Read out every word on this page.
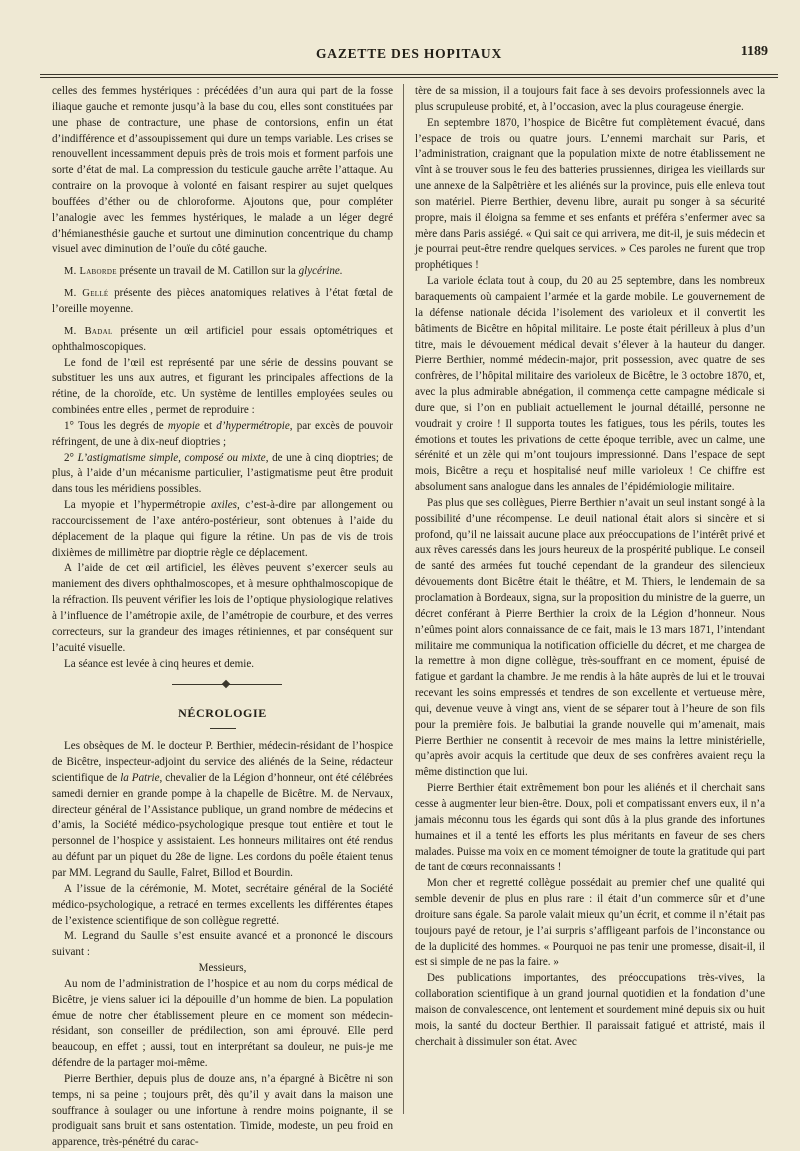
GAZETTE DES HOPITAUX	1189

celles des femmes hystériques : précédées d’un aura qui part de la fosse iliaque gauche et remonte jusqu’à la base du cou, elles sont constituées par une phase de contracture, une phase de contorsions, enfin un état d’indifférence et d’assoupissement qui dure un temps variable. Les crises se renouvellent incessamment depuis près de trois mois et forment parfois une sorte d’état de mal. La compression du testicule gauche arrête l’attaque. Au contraire on la provoque à volonté en faisant respirer au sujet quelques bouffées d’éther ou de chloroforme. Ajoutons que, pour compléter l’analogie avec les femmes hystériques, le malade a un léger degré d’hémianesthésie gauche et surtout une diminution concentrique du champ visuel avec diminution de l’ouïe du côté gauche.

M. Laborde présente un travail de M. Catillon sur la glycérine.

M. Gellé présente des pièces anatomiques relatives à l’état fœtal de l’oreille moyenne.

M. Badal présente un œil artificiel pour essais optométriques et ophthalmoscopiques.

Le fond de l’œil est représenté par une série de dessins pouvant se substituer les uns aux autres, et figurant les principales affections de la rétine, de la choroïde, etc. Un système de lentilles employées seules ou combinées entre elles , permet de reproduire :

1° Tous les degrés de myopie et d’hypermétropie, par excès de pouvoir réfringent, de une à dix-neuf dioptries ;

2° L’astigmatisme simple, composé ou mixte, de une à cinq dioptries; de plus, à l’aide d’un mécanisme particulier, l’astigmatisme peut être produit dans tous les méridiens possibles.

La myopie et l’hypermétropie axiles, c’est-à-dire par allongement ou raccourcissement de l’axe antéro-postérieur, sont obtenues à l’aide du déplacement de la plaque qui figure la rétine. Un pas de vis de trois dixièmes de millimètre par dioptrie règle ce déplacement.

A l’aide de cet œil artificiel, les élèves peuvent s’exercer seuls au maniement des divers ophthalmoscopes, et à mesure ophthalmoscopique de la réfraction. Ils peuvent vérifier les lois de l’optique physiologique relatives à l’influence de l’amétropie axile, de l’amétropie de courbure, et des verres correcteurs, sur la grandeur des images rétiniennes, et par conséquent sur l’acuité visuelle.

La séance est levée à cinq heures et demie.

NÉCROLOGIE

Les obsèques de M. le docteur P. Berthier, médecin-résidant de l’hospice de Bicêtre, inspecteur-adjoint du service des aliénés de la Seine, rédacteur scientifique de la Patrie, chevalier de la Légion d’honneur, ont été célébrées samedi dernier en grande pompe à la chapelle de Bicêtre. M. de Nervaux, directeur général de l’Assistance publique, un grand nombre de médecins et d’amis, la Société médico-psychologique presque tout entière et tout le personnel de l’hospice y assistaient. Les honneurs militaires ont été rendus au défunt par un piquet du 28e de ligne. Les cordons du poêle étaient tenus par MM. Legrand du Saulle, Falret, Billod et Bourdin.

A l’issue de la cérémonie, M. Motet, secrétaire général de la Société médico-psychologique, a retracé en termes excellents les différentes étapes de l’existence scientifique de son collègue regretté.

M. Legrand du Saulle s’est ensuite avancé et a prononcé le discours suivant :

Messieurs,

Au nom de l’administration de l’hospice et au nom du corps médical de Bicêtre, je viens saluer ici la dépouille d’un homme de bien. La population émue de notre cher établissement pleure en ce moment son médecin-résidant, son conseiller de prédilection, son ami éprouvé. Elle perd beaucoup, en effet ; aussi, tout en interprétant sa douleur, ne puis-je me défendre de la partager moi-même.

Pierre Berthier, depuis plus de douze ans, n’a épargné à Bicêtre ni son temps, ni sa peine ; toujours prêt, dès qu’il y avait dans la maison une souffrance à soulager ou une infortune à rendre moins poignante, il se prodiguait sans bruit et sans ostentation. Timide, modeste, un peu froid en apparence, très-pénétré du carac-

tère de sa mission, il a toujours fait face à ses devoirs professionnels avec la plus scrupuleuse probité, et, à l’occasion, avec la plus courageuse énergie.

En septembre 1870, l’hospice de Bicêtre fut complètement évacué, dans l’espace de trois ou quatre jours. L’ennemi marchait sur Paris, et l’administration, craignant que la population mixte de notre établissement ne vînt à se trouver sous le feu des batteries prussiennes, dirigea les vieillards sur une annexe de la Salpêtrière et les aliénés sur la province, puis elle enleva tout son matériel. Pierre Berthier, devenu libre, aurait pu songer à sa sécurité propre, mais il éloigna sa femme et ses enfants et préféra s’enfermer avec sa mère dans Paris assiégé. « Qui sait ce qui arrivera, me dit-il, je suis médecin et je pourrai peut-être rendre quelques services. » Ces paroles ne furent que trop prophétiques !

La variole éclata tout à coup, du 20 au 25 septembre, dans les nombreux baraquements où campaient l’armée et la garde mobile. Le gouvernement de la défense nationale décida l’isolement des varioleux et il convertit les bâtiments de Bicêtre en hôpital militaire. Le poste était périlleux à plus d’un titre, mais le dévouement médical devait s’élever à la hauteur du danger. Pierre Berthier, nommé médecin-major, prit possession, avec quatre de ses confrères, de l’hôpital militaire des varioleux de Bicêtre, le 3 octobre 1870, et, avec la plus admirable abnégation, il commença cette campagne médicale si dure que, si l’on en publiait actuellement le journal détaillé, personne ne voudrait y croire ! Il supporta toutes les fatigues, tous les périls, toutes les émotions et toutes les privations de cette époque terrible, avec un calme, une sérénité et un zèle qui m’ont toujours impressionné. Dans l’espace de sept mois, Bicêtre a reçu et hospitalisé neuf mille varioleux ! Ce chiffre est absolument sans analogue dans les annales de l’épidémiologie militaire.

Pas plus que ses collègues, Pierre Berthier n’avait un seul instant songé à la possibilité d’une récompense. Le deuil national était alors si sincère et si profond, qu’il ne laissait aucune place aux préoccupations de l’intérêt privé et aux rêves caressés dans les jours heureux de la prospérité publique. Le conseil de santé des armées fut touché cependant de la grandeur des silencieux dévouements dont Bicêtre était le théâtre, et M. Thiers, le lendemain de sa proclamation à Bordeaux, signa, sur la proposition du ministre de la guerre, un décret conférant à Pierre Berthier la croix de la Légion d’honneur. Nous n’eûmes point alors connaissance de ce fait, mais le 13 mars 1871, l’intendant militaire me communiqua la notification officielle du décret, et me chargea de la remettre à mon digne collègue, très-souffrant en ce moment, épuisé de fatigue et gardant la chambre. Je me rendis à la hâte auprès de lui et le trouvai recevant les soins empressés et tendres de son excellente et vertueuse mère, qui, devenue veuve à vingt ans, vient de se séparer tout à l’heure de son fils pour la première fois. Je balbutiai la grande nouvelle qui m’amenait, mais Pierre Berthier ne consentit à recevoir de mes mains la lettre ministérielle, qu’après avoir acquis la certitude que deux de ses confrères avaient reçu la même distinction que lui.

Pierre Berthier était extrêmement bon pour les aliénés et il cherchait sans cesse à augmenter leur bien-être. Doux, poli et compatissant envers eux, il n’a jamais méconnu tous les égards qui sont dûs à la plus grande des infortunes humaines et il a tenté les efforts les plus méritants en faveur de ses chers malades. Puisse ma voix en ce moment témoigner de toute la gratitude qui part de tant de cœurs reconnaissants !

Mon cher et regretté collègue possédait au premier chef une qualité qui semble devenir de plus en plus rare : il était d’un commerce sûr et d’une droiture sans égale. Sa parole valait mieux qu’un écrit, et comme il n’était pas toujours payé de retour, je l’ai surpris s’affligeant parfois de l’inconstance ou de la duplicité des hommes. « Pourquoi ne pas tenir une promesse, disait-il, il est si simple de ne pas la faire. »

Des publications importantes, des préoccupations très-vives, la collaboration scientifique à un grand journal quotidien et la fondation d’une maison de convalescence, ont lentement et sourdement miné depuis six ou huit mois, la santé du docteur Berthier. Il paraissait fatigué et attristé, mais il cherchait à dissimuler son état. Avec
